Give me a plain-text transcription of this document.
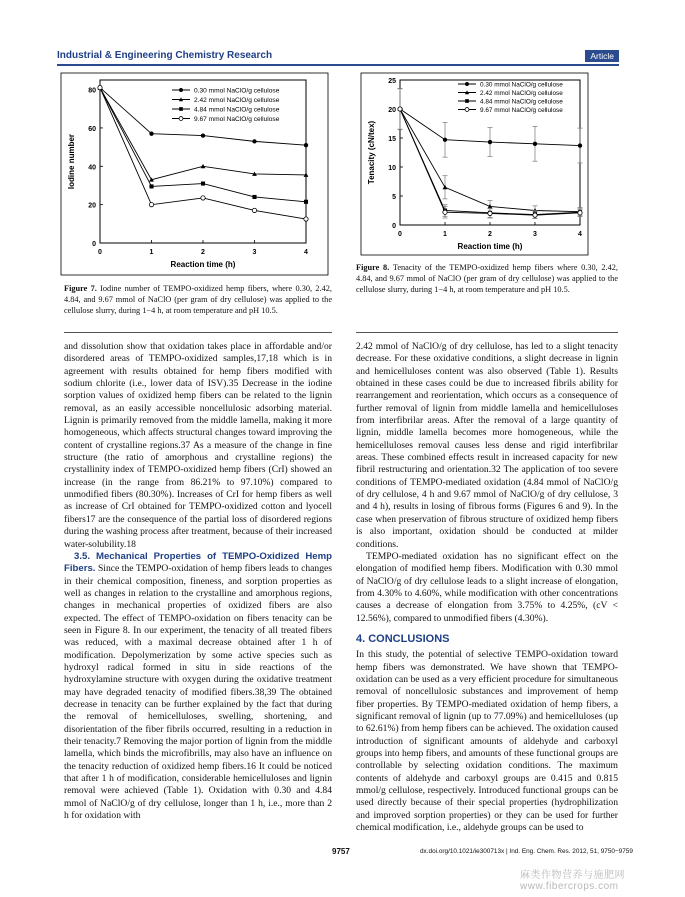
Industrial & Engineering Chemistry Research	Article
0
20
40
60
80
0	1	2	3	4
Reaction time (h)
Iodine number
0.30 mmol NaClO/g cellulose
2.42 mmol NaClO/g cellulose
4.84 mmol NaClO/g cellulose
9.67 mmol NaClO/g cellulose
Figure 7. Iodine number of TEMPO-oxidized hemp fibers, where 0.30, 2.42, 4.84, and 9.67 mmol of NaClO (per gram of dry cellulose) was applied to the cellulose slurry, during 1−4 h, at room temperature and pH 10.5.
0
5
10
15
20
25
0	1	2	3	4
Reaction time (h)
Tenacity (cN/tex)
0.30 mmol NaClO/g cellulose
2.42 mmol NaClO/g cellulose
4.84 mmol NaClO/g cellulose
9.67 mmol NaClO/g cellulose
Figure 8. Tenacity of the TEMPO-oxidized hemp fibers where 0.30, 2.42, 4.84, and 9.67 mmol of NaClO (per gram of dry cellulose) was applied to the cellulose slurry, during 1−4 h, at room temperature and pH 10.5.

and dissolution show that oxidation takes place in affordable and/or disordered areas of TEMPO-oxidized samples,17,18 which is in agreement with results obtained for hemp fibers modified with sodium chlorite (i.e., lower data of ISV).35 Decrease in the iodine sorption values of oxidized hemp fibers can be related to the lignin removal, as an easily accessible noncellulosic adsorbing material. Lignin is primarily removed from the middle lamella, making it more homogeneous, which affects structural changes toward improving the content of crystalline regions.37 As a measure of the change in fine structure (the ratio of amorphous and crystalline regions) the crystallinity index of TEMPO-oxidized hemp fibers (CrI) showed an increase (in the range from 86.21% to 97.10%) compared to unmodified fibers (80.30%). Increases of CrI for hemp fibers as well as increase of CrI obtained for TEMPO-oxidized cotton and lyocell fibers17 are the consequence of the partial loss of disordered regions during the washing process after treatment, because of their increased water-solubility.18

3.5. Mechanical Properties of TEMPO-Oxidized Hemp Fibers. Since the TEMPO-oxidation of hemp fibers leads to changes in their chemical composition, fineness, and sorption properties as well as changes in relation to the crystalline and amorphous regions, changes in mechanical properties of oxidized fibers are also expected. The effect of TEMPO-oxidation on fibers tenacity can be seen in Figure 8. In our experiment, the tenacity of all treated fibers was reduced, with a maximal decrease obtained after 1 h of modification. Depolymerization by some active species such as hydroxyl radical formed in situ in side reactions of the hydroxylamine structure with oxygen during the oxidative treatment may have degraded tenacity of modified fibers.38,39 The obtained decrease in tenacity can be further explained by the fact that during the removal of hemicelluloses, swelling, shortening, and disorientation of the fiber fibrils occurred, resulting in a reduction in their tenacity.7 Removing the major portion of lignin from the middle lamella, which binds the microfibrills, may also have an influence on the tenacity reduction of oxidized hemp fibers.16 It could be noticed that after 1 h of modification, considerable hemicelluloses and lignin removal were achieved (Table 1). Oxidation with 0.30 and 4.84 mmol of NaClO/g of dry cellulose, longer than 1 h, i.e., more than 2 h for oxidation with

2.42 mmol of NaClO/g of dry cellulose, has led to a slight tenacity decrease. For these oxidative conditions, a slight decrease in lignin and hemicelluloses content was also observed (Table 1). Results obtained in these cases could be due to increased fibrils ability for rearrangement and reorientation, which occurs as a consequence of further removal of lignin from middle lamella and hemicelluloses from interfibrilar areas. After the removal of a large quantity of lignin, middle lamella becomes more homogeneous, while the hemicelluloses removal causes less dense and rigid interfibrilar areas. These combined effects result in increased capacity for new fibril restructuring and orientation.32 The application of too severe conditions of TEMPO-mediated oxidation (4.84 mmol of NaClO/g of dry cellulose, 4 h and 9.67 mmol of NaClO/g of dry cellulose, 3 and 4 h), results in losing of fibrous forms (Figures 6 and 9). In the case when preservation of fibrous structure of oxidized hemp fibers is also important, oxidation should be conducted at milder conditions.

TEMPO-mediated oxidation has no significant effect on the elongation of modified hemp fibers. Modification with 0.30 mmol of NaClO/g of dry cellulose leads to a slight increase of elongation, from 4.30% to 4.60%, while modification with other concentrations causes a decrease of elongation from 3.75% to 4.25%, (cV < 12.56%), compared to unmodified fibers (4.30%).

4. CONCLUSIONS

In this study, the potential of selective TEMPO-oxidation toward hemp fibers was demonstrated. We have shown that TEMPO-oxidation can be used as a very efficient procedure for simultaneous removal of noncellulosic substances and improvement of hemp fiber properties. By TEMPO-mediated oxidation of hemp fibers, a significant removal of lignin (up to 77.09%) and hemicelluloses (up to 62.61%) from hemp fibers can be achieved. The oxidation caused introduction of significant amounts of aldehyde and carboxyl groups into hemp fibers, and amounts of these functional groups are controllable by selecting oxidation conditions. The maximum contents of aldehyde and carboxyl groups are 0.415 and 0.815 mmol/g cellulose, respectively. Introduced functional groups can be used directly because of their special properties (hydrophilization and improved sorption properties) or they can be used for further chemical modification, i.e., aldehyde groups can be used to

9757	dx.doi.org/10.1021/ie300713x | Ind. Eng. Chem. Res. 2012, 51, 9750−9759
麻类作物营养与施肥网 www.fibercrops.com
